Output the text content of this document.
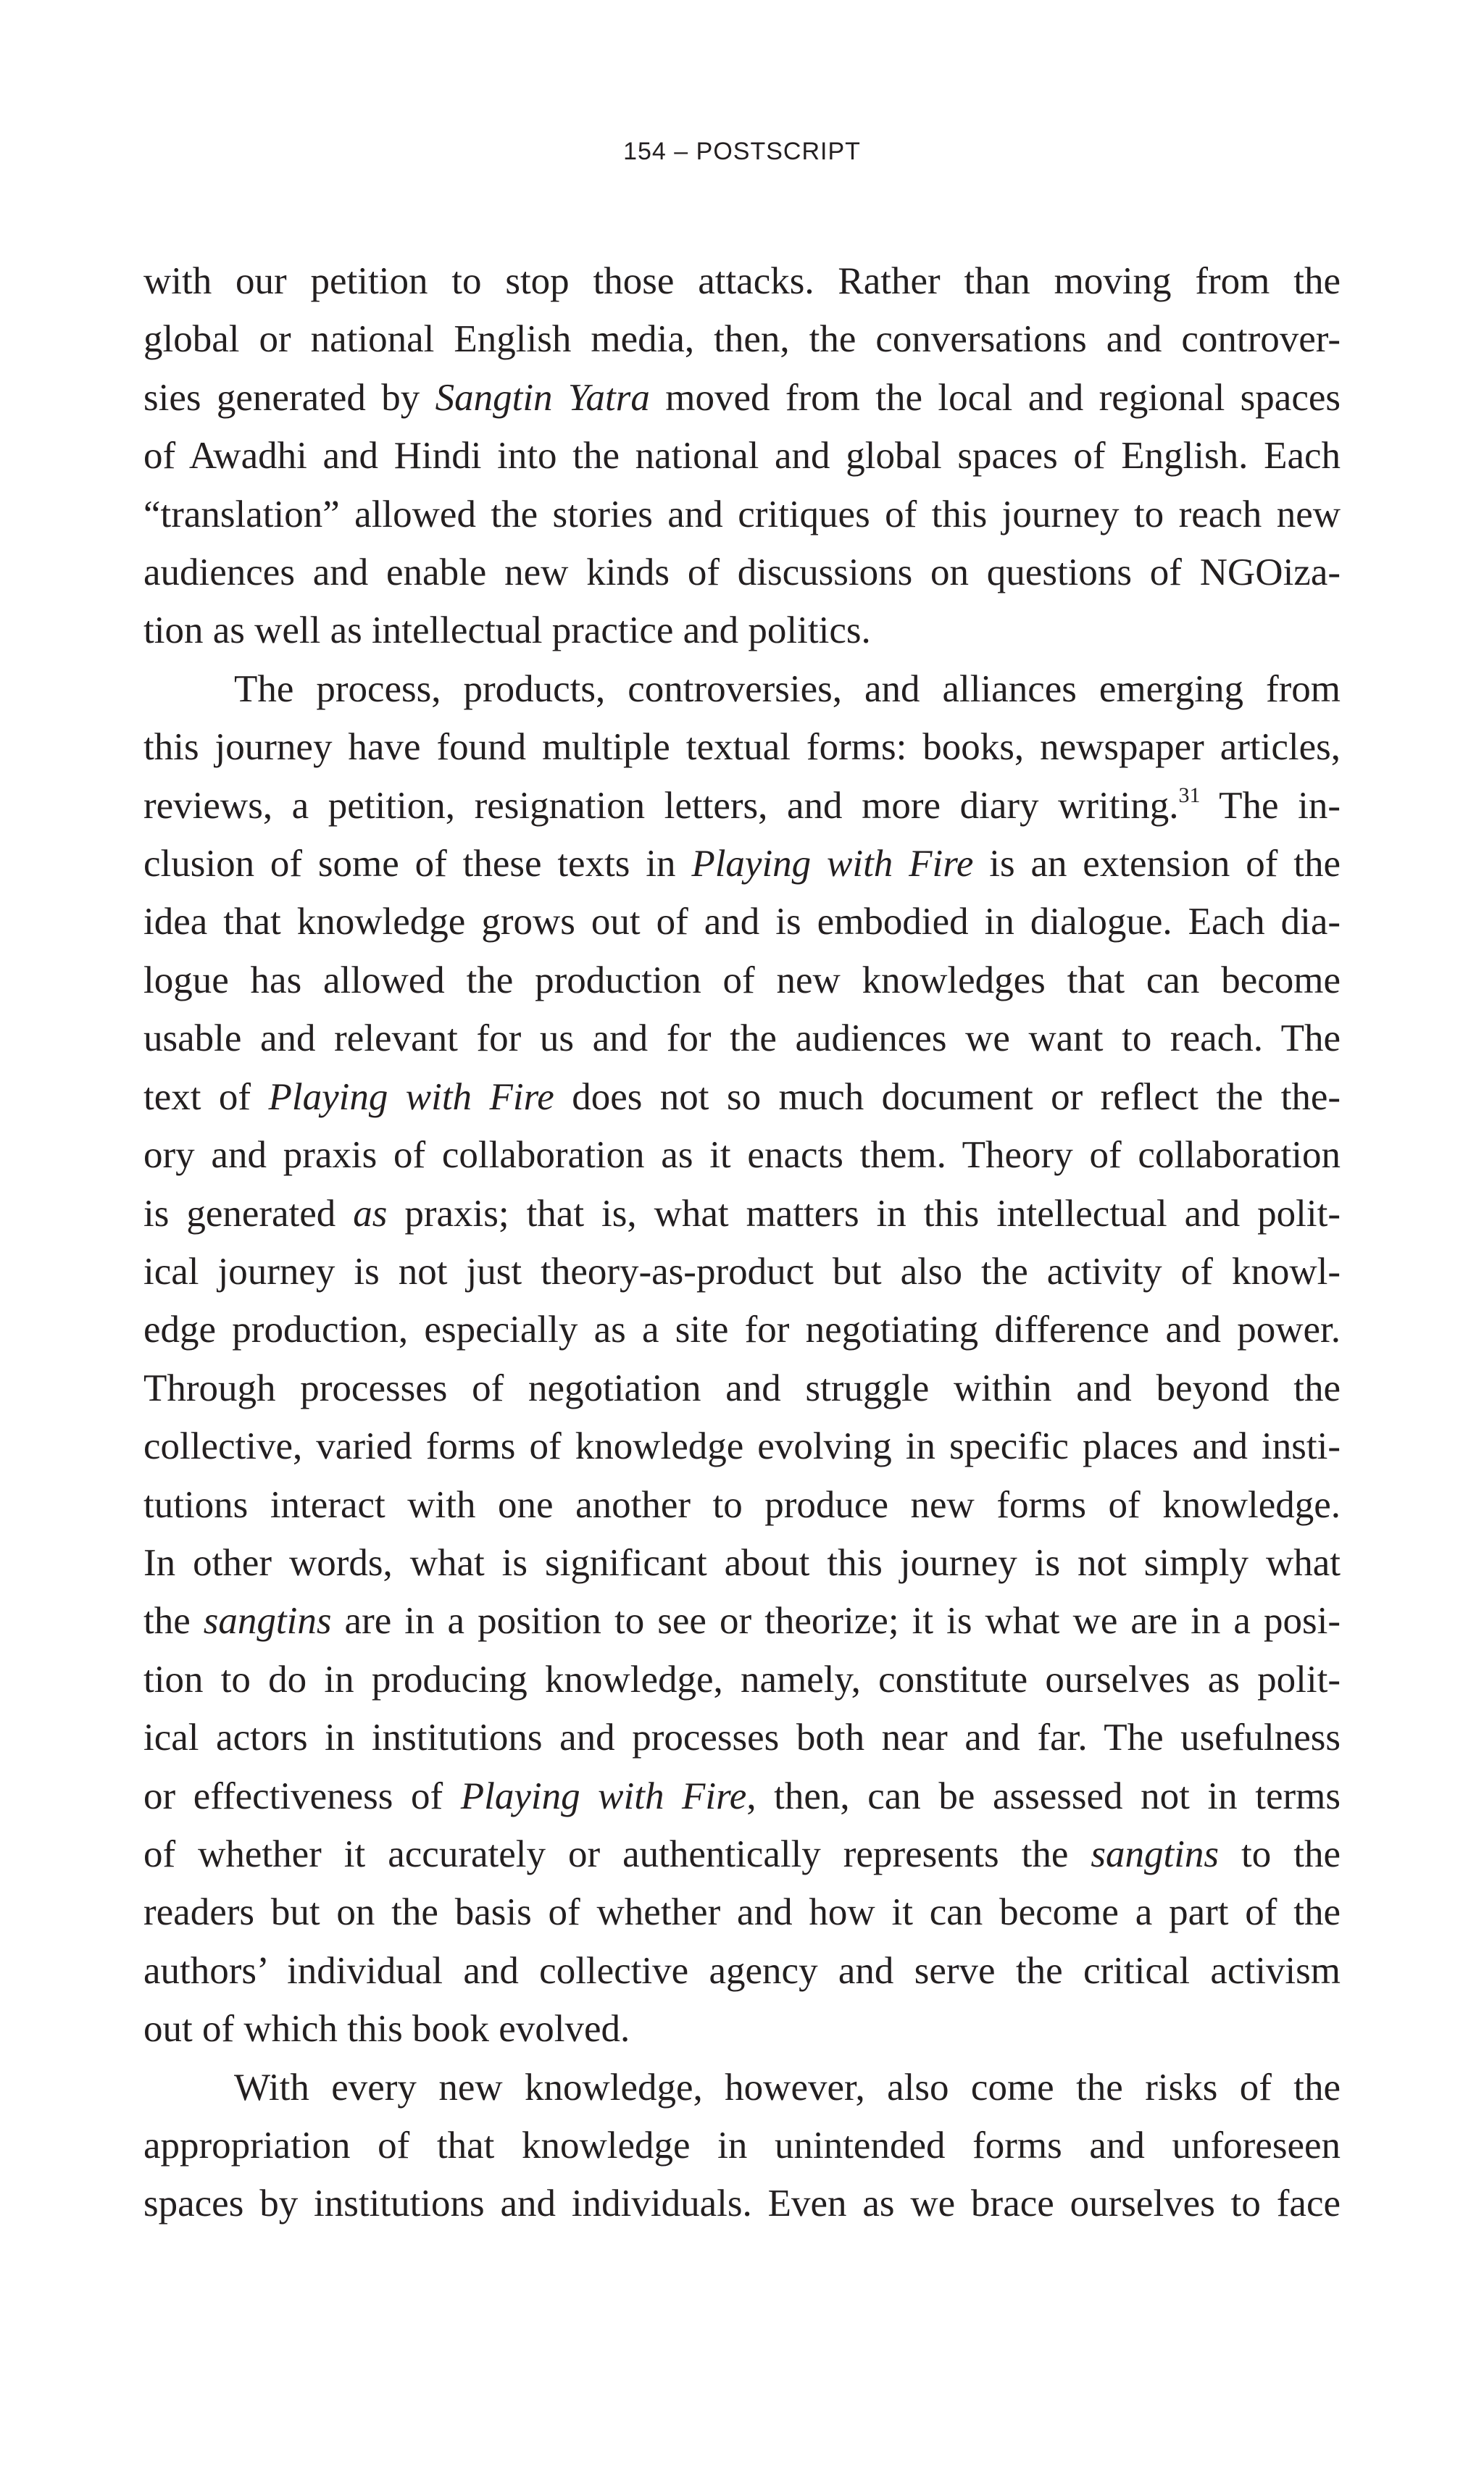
154 – POSTSCRIPT
with our petition to stop those attacks. Rather than moving from the
global or national English media, then, the conversations and controver-
sies generated by Sangtin Yatra moved from the local and regional spaces
of Awadhi and Hindi into the national and global spaces of English. Each
“translation” allowed the stories and critiques of this journey to reach new
audiences and enable new kinds of discussions on questions of NGOiza-
tion as well as intellectual practice and politics.
The process, products, controversies, and alliances emerging from
this journey have found multiple textual forms: books, newspaper articles,
reviews, a petition, resignation letters, and more diary writing.$^{31}$ The in-
clusion of some of these texts in Playing with Fire is an extension of the
idea that knowledge grows out of and is embodied in dialogue. Each dia-
logue has allowed the production of new knowledges that can become
usable and relevant for us and for the audiences we want to reach. The
text of Playing with Fire does not so much document or reflect the the-
ory and praxis of collaboration as it enacts them. Theory of collaboration
is generated as praxis; that is, what matters in this intellectual and polit-
ical journey is not just theory-as-product but also the activity of knowl-
edge production, especially as a site for negotiating difference and power.
Through processes of negotiation and struggle within and beyond the
collective, varied forms of knowledge evolving in specific places and insti-
tutions interact with one another to produce new forms of knowledge.
In other words, what is significant about this journey is not simply what
the sangtins are in a position to see or theorize; it is what we are in a posi-
tion to do in producing knowledge, namely, constitute ourselves as polit-
ical actors in institutions and processes both near and far. The usefulness
or effectiveness of Playing with Fire, then, can be assessed not in terms
of whether it accurately or authentically represents the sangtins to the
readers but on the basis of whether and how it can become a part of the
authors’ individual and collective agency and serve the critical activism
out of which this book evolved.
With every new knowledge, however, also come the risks of the
appropriation of that knowledge in unintended forms and unforeseen
spaces by institutions and individuals. Even as we brace ourselves to face
